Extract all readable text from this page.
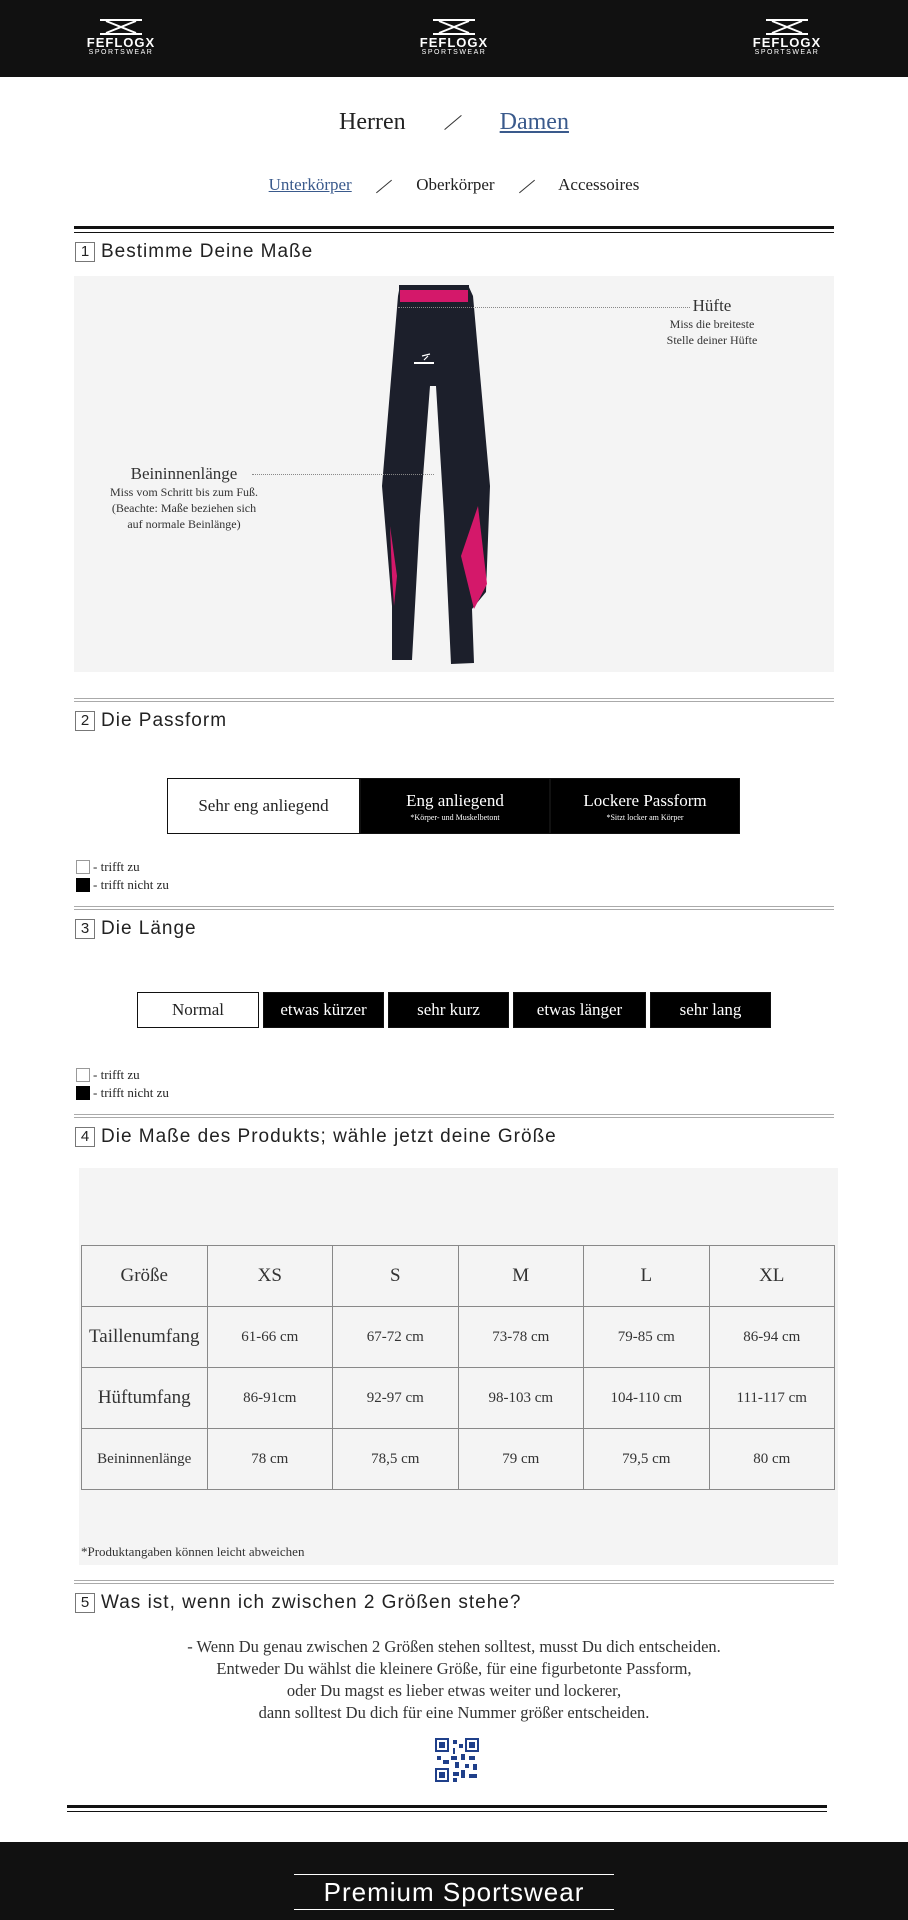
FEFLOGX
SPORTSWEAR
FEFLOGX
SPORTSWEAR
FEFLOGX
SPORTSWEAR
Herren	Damen
Unterkörper	Oberkörper	Accessoires
1 Bestimme Deine Maße
Hüfte
Miss die breiteste
Stelle deiner Hüfte
Beininnenlänge
Miss vom Schritt bis zum Fuß.
(Beachte: Maße beziehen sich
auf normale Beinlänge)
2 Die Passform
Sehr eng anliegend	Eng anliegend
*Körper- und Muskelbetont
Lockere Passform
*Sitzt locker am Körper
- trifft zu
- trifft nicht zu
3 Die Länge
Normal	etwas kürzer	sehr kurz	etwas länger	sehr lang
- trifft zu
- trifft nicht zu
4 Die Maße des Produkts; wähle jetzt deine Größe
Größe	XS	S	M	L	XL
Taillenumfang	61-66 cm	67-72 cm	73-78 cm	79-85 cm	86-94 cm
Hüftumfang	86-91cm	92-97 cm	98-103 cm	104-110 cm	111-117 cm
Beininnenlänge	78 cm	78,5 cm	79 cm	79,5 cm	80 cm
*Produktangaben können leicht abweichen
5 Was ist, wenn ich zwischen 2 Größen stehe?
- Wenn Du genau zwischen 2 Größen stehen solltest, musst Du dich entscheiden.
Entweder Du wählst die kleinere Größe, für eine figurbetonte Passform,
oder Du magst es lieber etwas weiter und lockerer,
dann solltest Du dich für eine Nummer größer entscheiden.
Premium Sportswear
